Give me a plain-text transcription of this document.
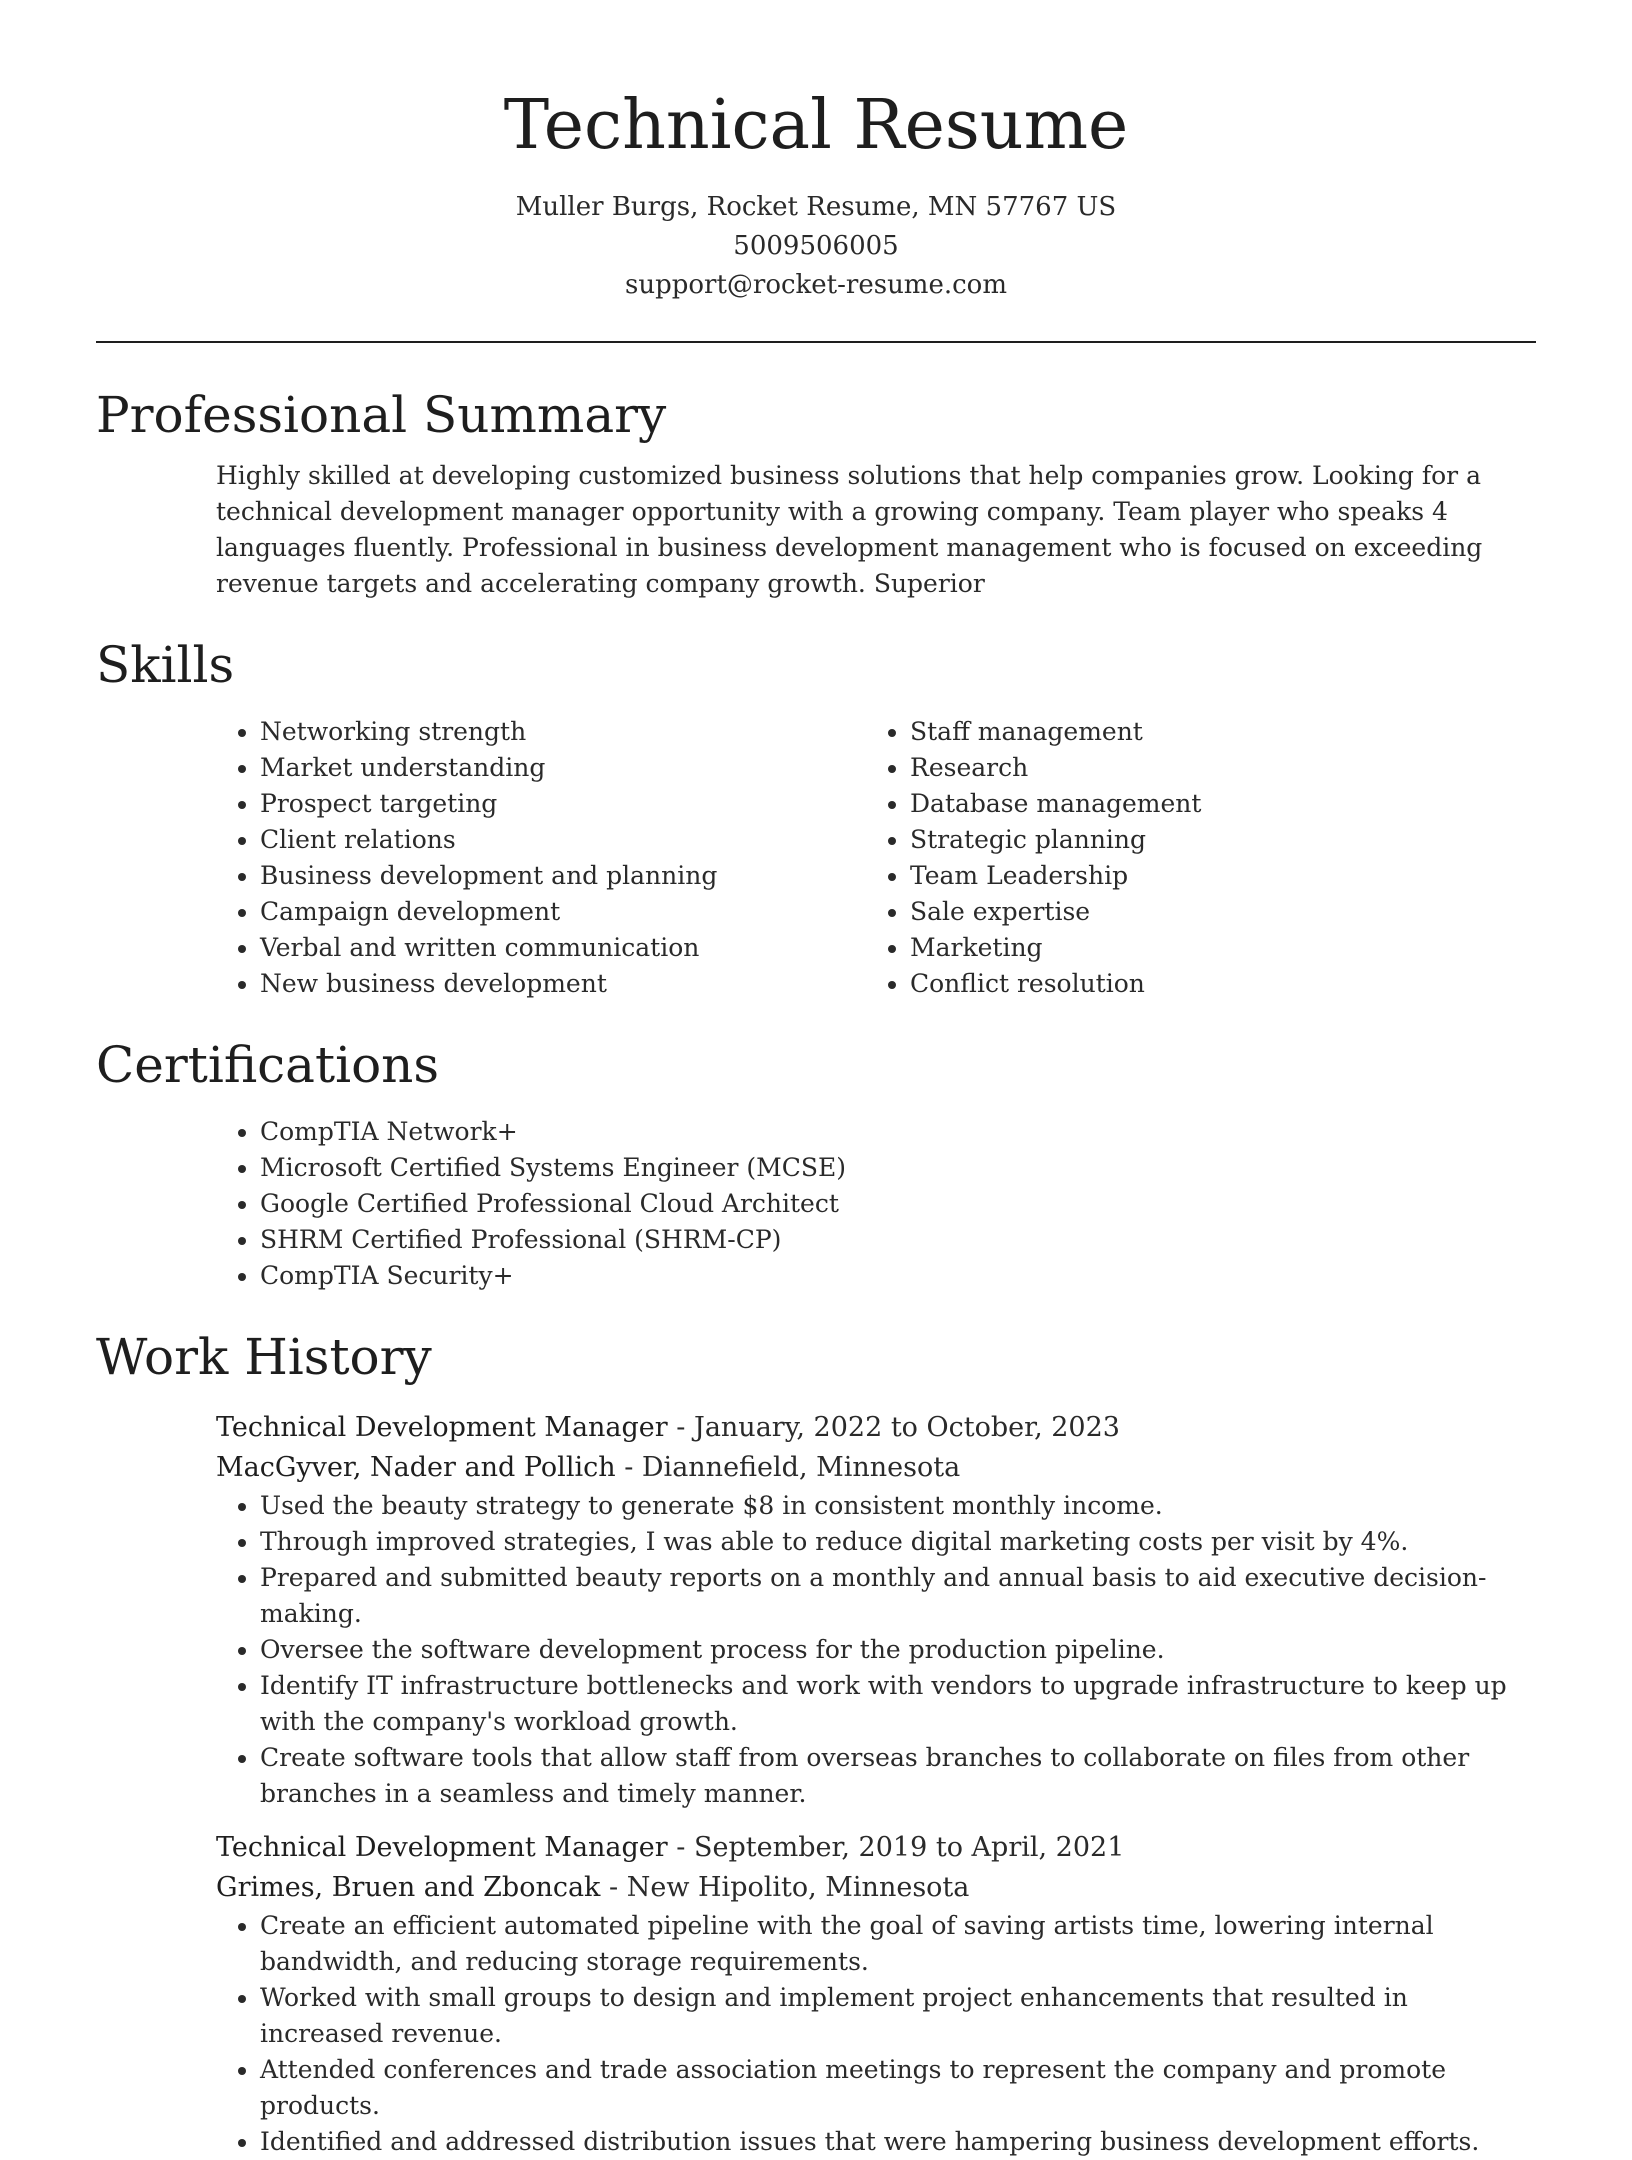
Technical Resume
Muller Burgs, Rocket Resume, MN 57767 US
5009506005
support@rocket-resume.com
Professional Summary

Highly skilled at developing customized business solutions that help companies grow. Looking for a technical development manager opportunity with a growing company. Team player who speaks 4 languages fluently. Professional in business development management who is focused on exceeding revenue targets and accelerating company growth. Superior

Skills
• Networking strength
• Market understanding
• Prospect targeting
• Client relations
• Business development and planning
• Campaign development
• Verbal and written communication
• New business development
• Staff management
• Research
• Database management
• Strategic planning
• Team Leadership
• Sale expertise
• Marketing
• Conflict resolution
Certifications
• CompTIA Network+
• Microsoft Certified Systems Engineer (MCSE)
• Google Certified Professional Cloud Architect
• SHRM Certified Professional (SHRM-CP)
• CompTIA Security+
Work History
Technical Development Manager - January, 2022 to October, 2023
MacGyver, Nader and Pollich - Diannefield, Minnesota
• Used the beauty strategy to generate $8 in consistent monthly income.
• Through improved strategies, I was able to reduce digital marketing costs per visit by 4%.
• Prepared and submitted beauty reports on a monthly and annual basis to aid executive decision-making.
• Oversee the software development process for the production pipeline.
• Identify IT infrastructure bottlenecks and work with vendors to upgrade infrastructure to keep up with the company's workload growth.
• Create software tools that allow staff from overseas branches to collaborate on files from other branches in a seamless and timely manner.
Technical Development Manager - September, 2019 to April, 2021
Grimes, Bruen and Zboncak - New Hipolito, Minnesota
• Create an efficient automated pipeline with the goal of saving artists time, lowering internal bandwidth, and reducing storage requirements.
• Worked with small groups to design and implement project enhancements that resulted in increased revenue.
• Attended conferences and trade association meetings to represent the company and promote products.
• Identified and addressed distribution issues that were hampering business development efforts.
